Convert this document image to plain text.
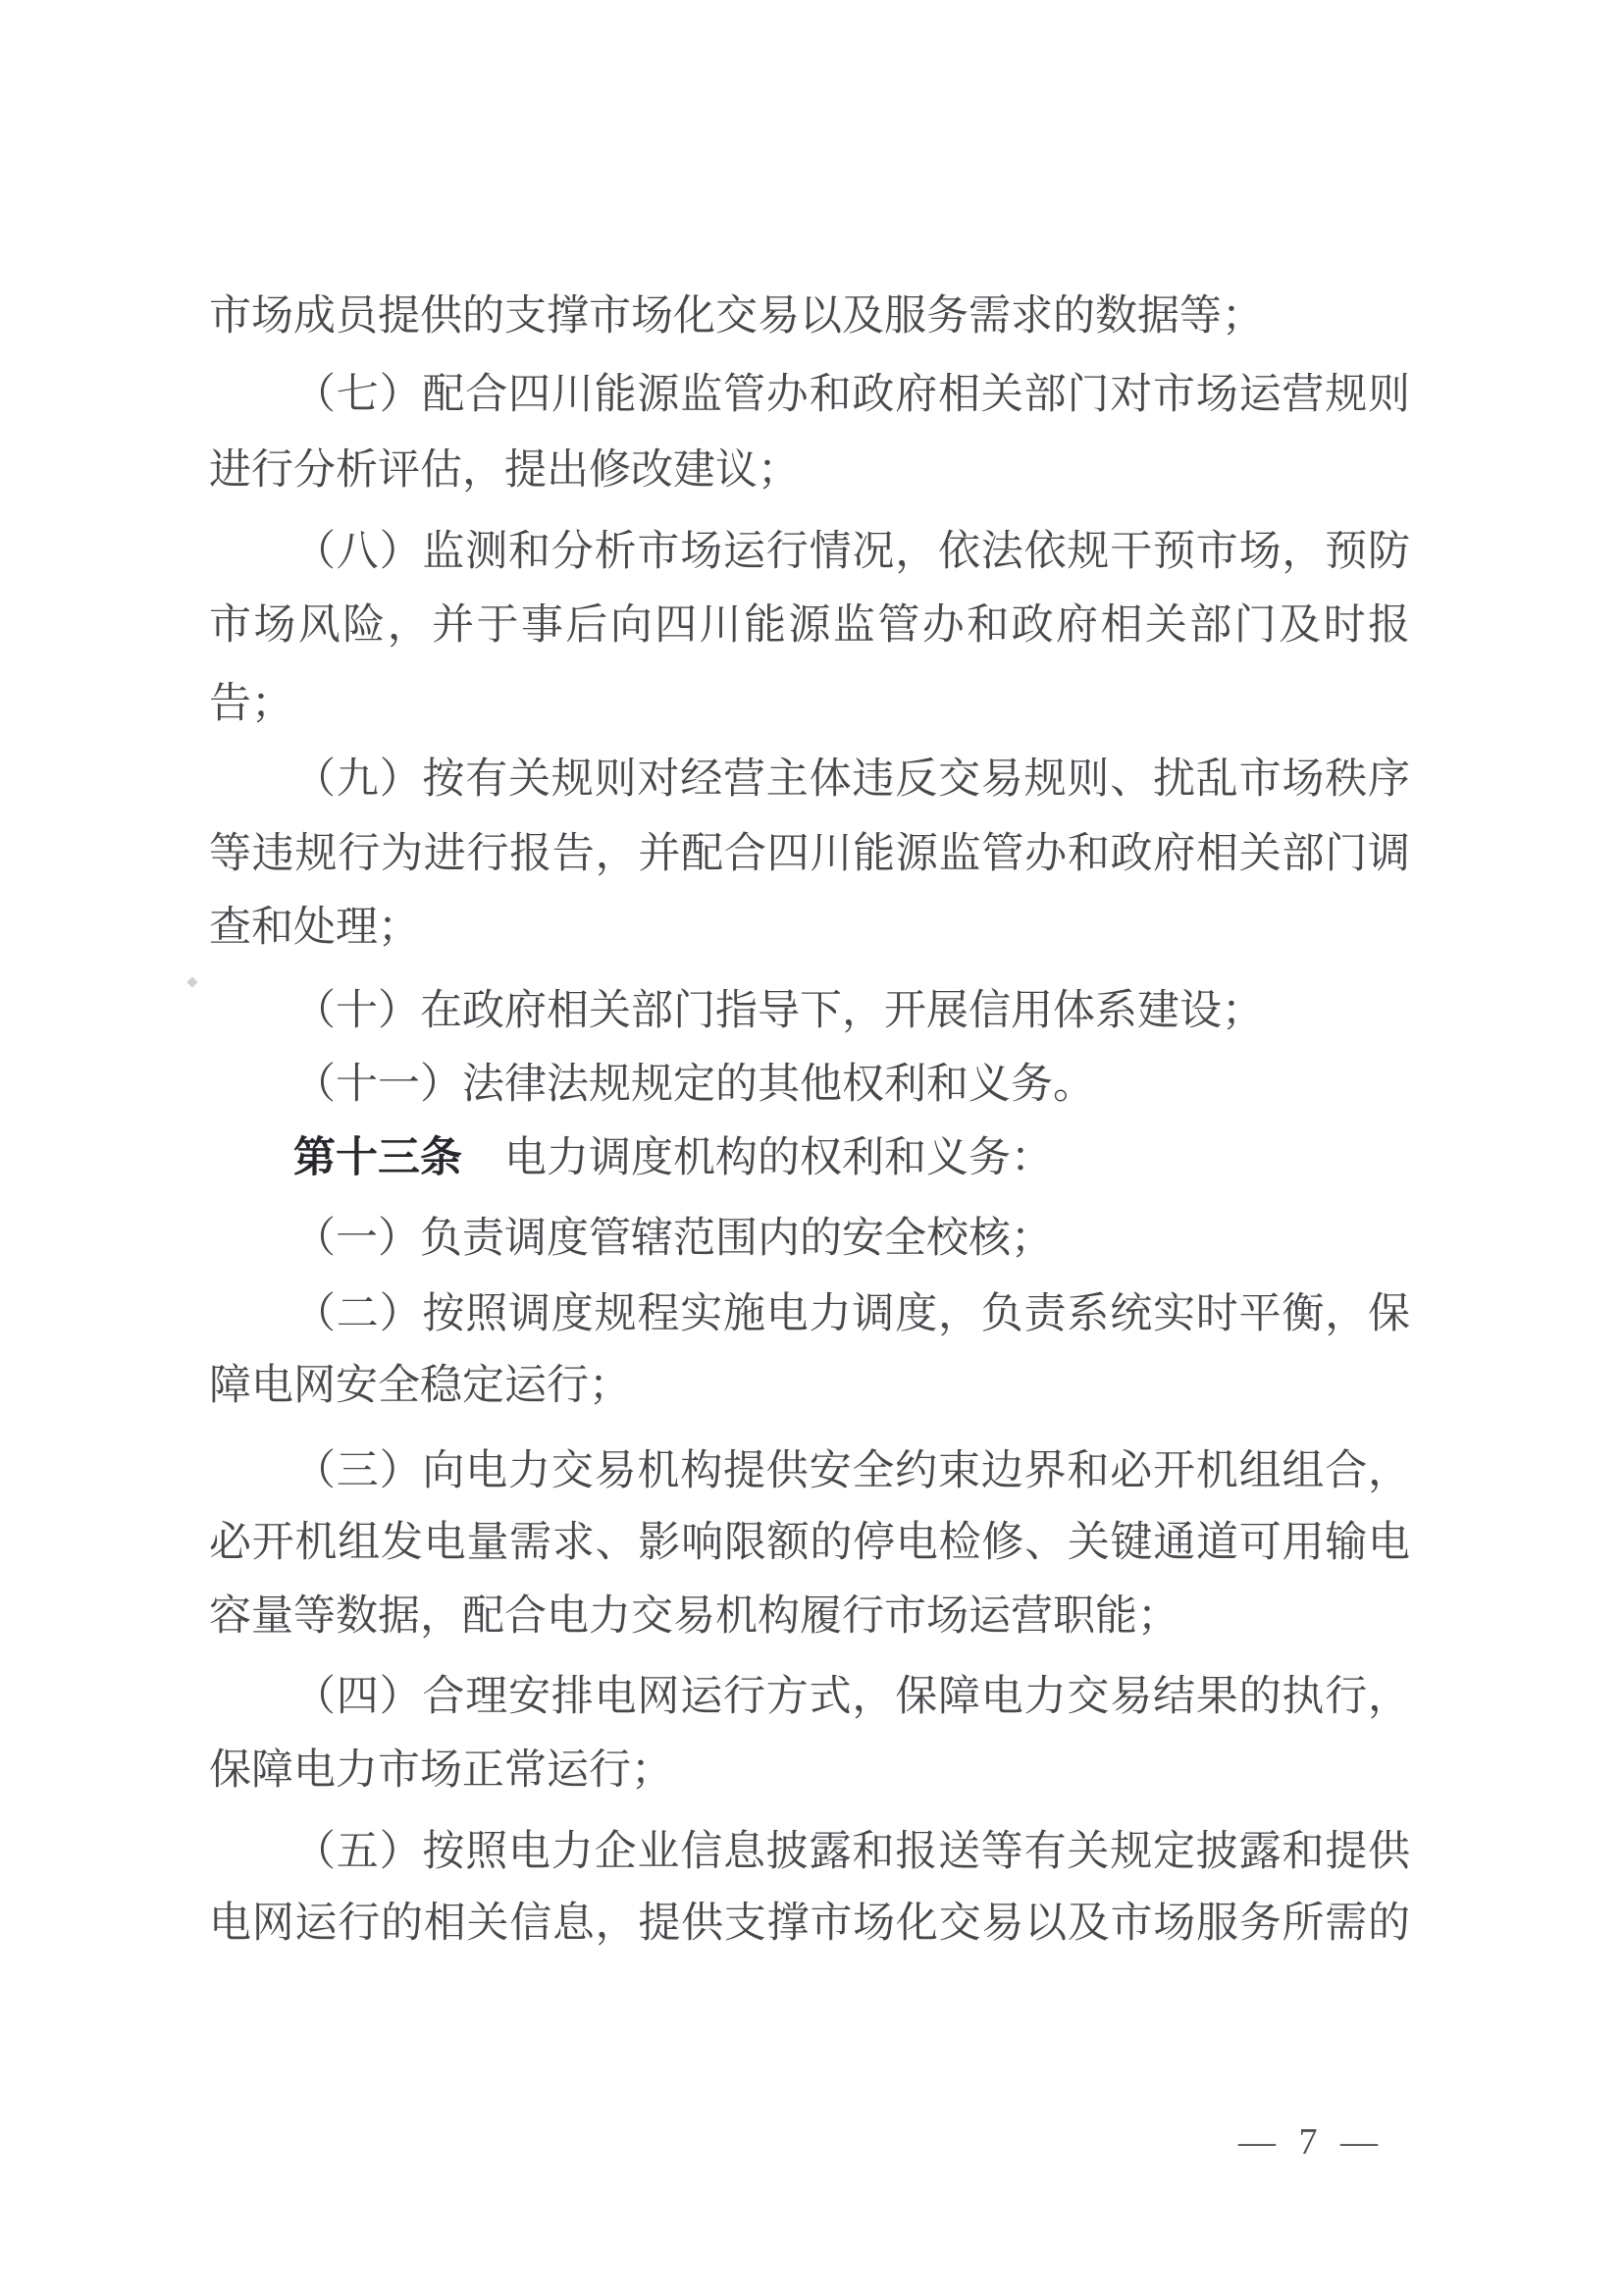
市场成员提供的支撑市场化交易以及服务需求的数据等；
（七）配合四川能源监管办和政府相关部门对市场运营规则
进行分析评估，提出修改建议；
（八）监测和分析市场运行情况，依法依规干预市场，预防
市场风险，并于事后向四川能源监管办和政府相关部门及时报
告；
（九）按有关规则对经营主体违反交易规则、扰乱市场秩序
等违规行为进行报告，并配合四川能源监管办和政府相关部门调
查和处理；
（十）在政府相关部门指导下，开展信用体系建设；
（十一）法律法规规定的其他权利和义务。
第十三条 电力调度机构的权利和义务：
（一）负责调度管辖范围内的安全校核；
（二）按照调度规程实施电力调度，负责系统实时平衡，保
障电网安全稳定运行；
（三）向电力交易机构提供安全约束边界和必开机组组合，
必开机组发电量需求、影响限额的停电检修、关键通道可用输电
容量等数据，配合电力交易机构履行市场运营职能；
（四）合理安排电网运行方式，保障电力交易结果的执行，
保障电力市场正常运行；
（五）按照电力企业信息披露和报送等有关规定披露和提供
电网运行的相关信息，提供支撑市场化交易以及市场服务所需的
— 7 —
